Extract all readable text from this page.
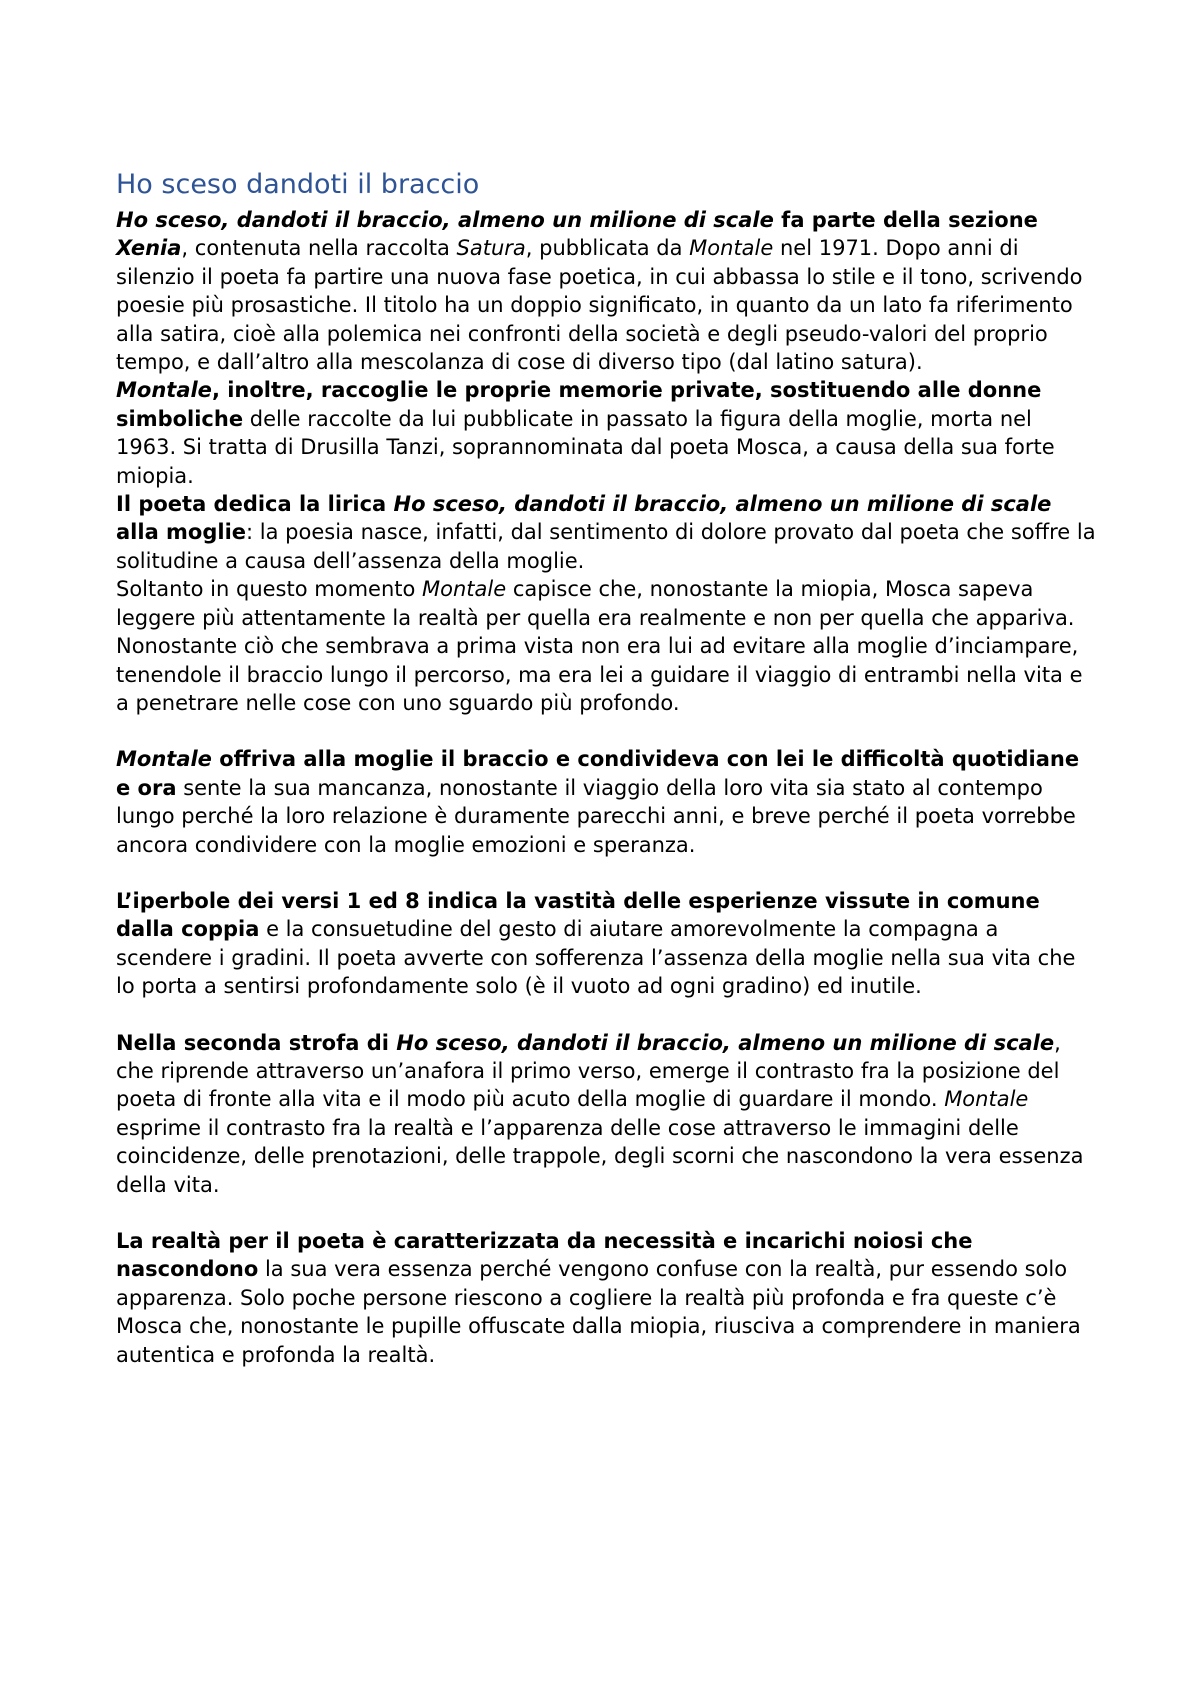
Ho sceso dandoti il braccio

Ho sceso, dandoti il braccio, almeno un milione di scale fa parte della sezione Xenia, contenuta nella raccolta Satura, pubblicata da Montale nel 1971. Dopo anni di silenzio il poeta fa partire una nuova fase poetica, in cui abbassa lo stile e il tono, scrivendo poesie più prosastiche. Il titolo ha un doppio significato, in quanto da un lato fa riferimento alla satira, cioè alla polemica nei confronti della società e degli pseudo-valori del proprio tempo, e dall’altro alla mescolanza di cose di diverso tipo (dal latino satura).

Montale, inoltre, raccoglie le proprie memorie private, sostituendo alle donne simboliche delle raccolte da lui pubblicate in passato la figura della moglie, morta nel 1963. Si tratta di Drusilla Tanzi, soprannominata dal poeta Mosca, a causa della sua forte miopia.

Il poeta dedica la lirica Ho sceso, dandoti il braccio, almeno un milione di scale alla moglie: la poesia nasce, infatti, dal sentimento di dolore provato dal poeta che soffre la solitudine a causa dell’assenza della moglie.

Soltanto in questo momento Montale capisce che, nonostante la miopia, Mosca sapeva leggere più attentamente la realtà per quella era realmente e non per quella che appariva. Nonostante ciò che sembrava a prima vista non era lui ad evitare alla moglie d’inciampare, tenendole il braccio lungo il percorso, ma era lei a guidare il viaggio di entrambi nella vita e a penetrare nelle cose con uno sguardo più profondo.

Montale offriva alla moglie il braccio e condivideva con lei le difficoltà quotidiane e ora sente la sua mancanza, nonostante il viaggio della loro vita sia stato al contempo lungo perché la loro relazione è duramente parecchi anni, e breve perché il poeta vorrebbe ancora condividere con la moglie emozioni e speranza.

L’iperbole dei versi 1 ed 8 indica la vastità delle esperienze vissute in comune dalla coppia e la consuetudine del gesto di aiutare amorevolmente la compagna a scendere i gradini. Il poeta avverte con sofferenza l’assenza della moglie nella sua vita che lo porta a sentirsi profondamente solo (è il vuoto ad ogni gradino) ed inutile.

Nella seconda strofa di Ho sceso, dandoti il braccio, almeno un milione di scale, che riprende attraverso un’anafora il primo verso, emerge il contrasto fra la posizione del poeta di fronte alla vita e il modo più acuto della moglie di guardare il mondo. Montale esprime il contrasto fra la realtà e l’apparenza delle cose attraverso le immagini delle coincidenze, delle prenotazioni, delle trappole, degli scorni che nascondono la vera essenza della vita.

La realtà per il poeta è caratterizzata da necessità e incarichi noiosi che nascondono la sua vera essenza perché vengono confuse con la realtà, pur essendo solo apparenza. Solo poche persone riescono a cogliere la realtà più profonda e fra queste c’è Mosca che, nonostante le pupille offuscate dalla miopia, riusciva a comprendere in maniera autentica e profonda la realtà.
